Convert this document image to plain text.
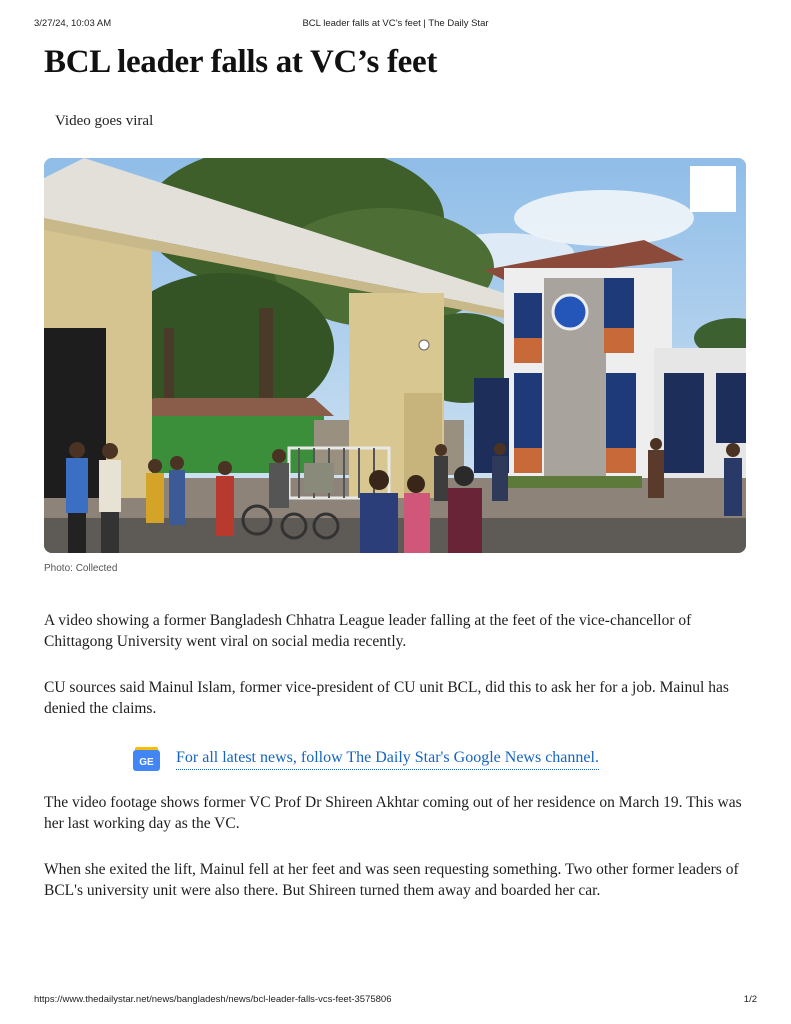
3/27/24, 10:03 AM	BCL leader falls at VC’s feet | The Daily Star
BCL leader falls at VC’s feet
Video goes viral
Photo: Collected

A video showing a former Bangladesh Chhatra League leader falling at the feet of the vice-chancellor of Chittagong University went viral on social media recently.

CU sources said Mainul Islam, former vice-president of CU unit BCL, did this to ask her for a job. Mainul has denied the claims.

GE For all latest news, follow The Daily Star's Google News channel.

The video footage shows former VC Prof Dr Shireen Akhtar coming out of her residence on March 19. This was her last working day as the VC.

When she exited the lift, Mainul fell at her feet and was seen requesting something. Two other former leaders of BCL's university unit were also there. But Shireen turned them away and boarded her car.

https://www.thedailystar.net/news/bangladesh/news/bcl-leader-falls-vcs-feet-3575806	1/2
